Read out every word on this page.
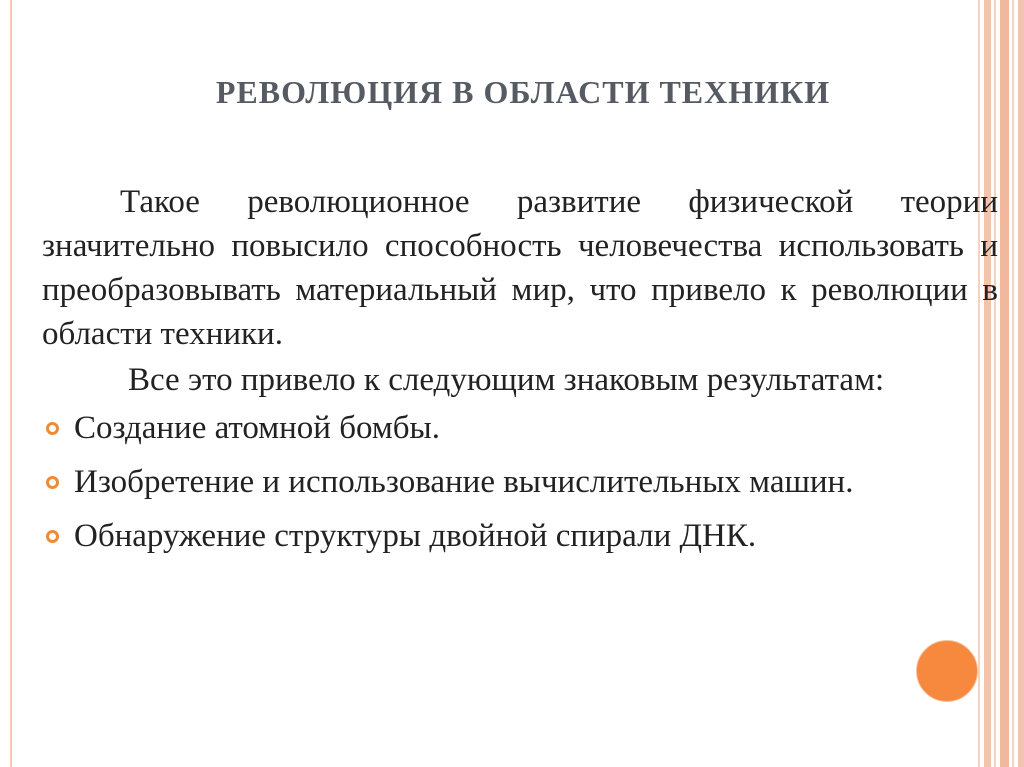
РЕВОЛЮЦИЯ В ОБЛАСТИ ТЕХНИКИ

Такое революционное развитие физической теории значительно повысило способность человечества использовать и преобразовывать материальный мир, что привело к революции в области техники.

Все это привело к следующим знаковым результатам:

Создание атомной бомбы.
Изобретение и использование вычислительных машин.
Обнаружение структуры двойной спирали ДНК.
